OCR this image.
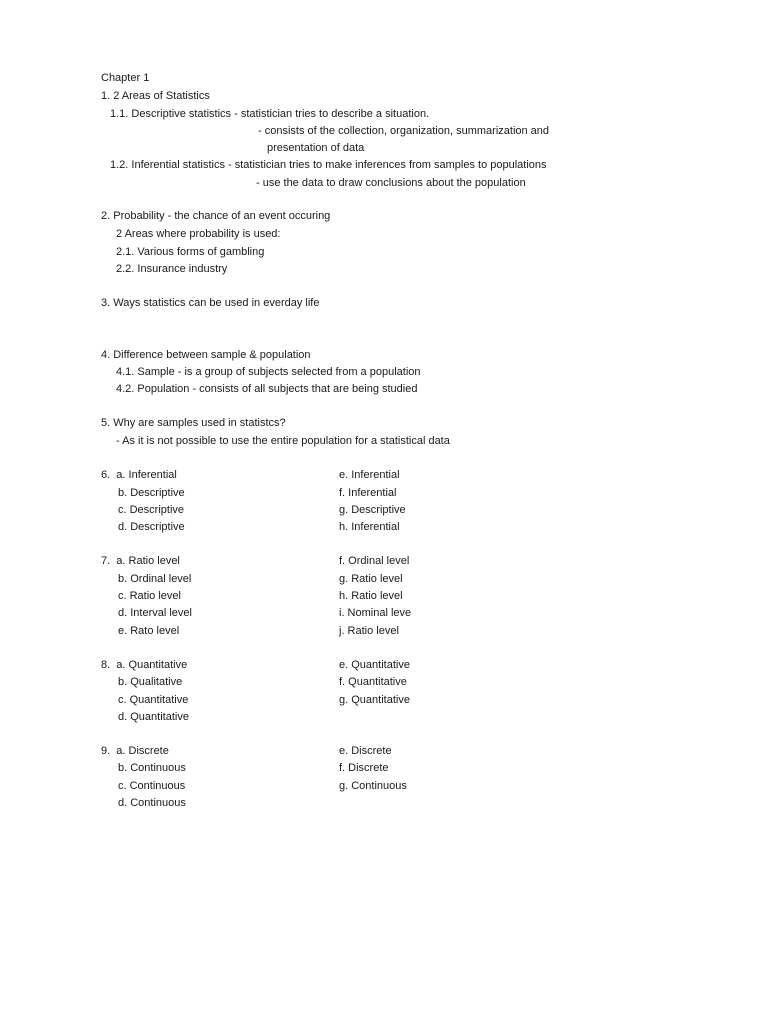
Chapter 1
1. 2 Areas of Statistics
1.1. Descriptive statistics - statistician tries to describe a situation.
- consists of the collection, organization, summarization and
presentation of data
1.2. Inferential statistics - statistician tries to make inferences from samples to populations
- use the data to draw conclusions about the population
2. Probability - the chance of an event occuring
2 Areas where probability is used:
2.1. Various forms of gambling
2.2. Insurance industry
3. Ways statistics can be used in everday life
4. Difference between sample & population
4.1. Sample - is a group of subjects selected from a population
4.2. Population - consists of all subjects that are being studied
5. Why are samples used in statistcs?
- As it is not possible to use the entire population for a statistical data
6.  a. Inferential
b. Descriptive
c. Descriptive
d. Descriptive
e. Inferential
f. Inferential
g. Descriptive
h. Inferential
7.  a. Ratio level
b. Ordinal level
c. Ratio level
d. Interval level
e. Rato level
f. Ordinal level
g. Ratio level
h. Ratio level
i. Nominal leve
j. Ratio level
8.  a. Quantitative
b. Qualitative
c. Quantitative
d. Quantitative
e. Quantitative
f. Quantitative
g. Quantitative
9.  a. Discrete
b. Continuous
c. Continuous
d. Continuous
e. Discrete
f. Discrete
g. Continuous
